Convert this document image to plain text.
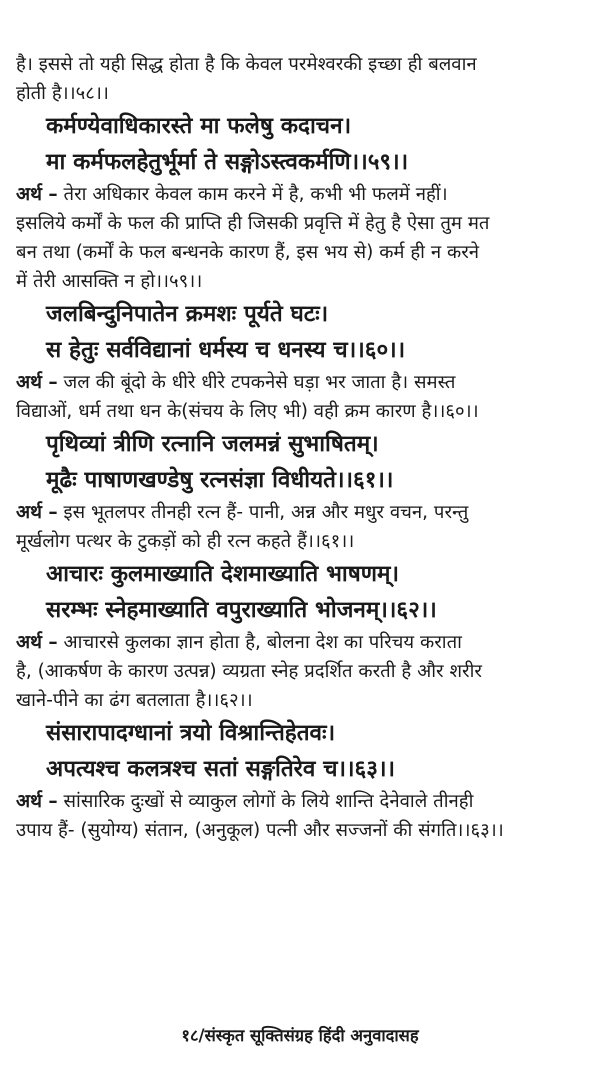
है। इससे तो यही सिद्ध होता है कि केवल परमेश्वरकी इच्छा ही बलवान
होती है।।५८।।
कर्मण्येवाधिकारस्ते मा फलेषु कदाचन।
मा कर्मफलहेतुर्भूर्मा ते सङ्गोऽस्त्वकर्मणि।।५९।।
अर्थ – तेरा अधिकार केवल काम करने में है, कभी भी फलमें नहीं।
इसलिये कर्मों के फल की प्राप्ति ही जिसकी प्रवृत्ति में हेतु है ऐसा तुम मत
बन तथा (कर्मों के फल बन्धनके कारण हैं, इस भय से) कर्म ही न करने
में तेरी आसक्ति न हो।।५९।।
जलबिन्दुनिपातेन क्रमशः पूर्यते घटः।
स हेतुः सर्वविद्यानां धर्मस्य च धनस्य च।।६०।।
अर्थ – जल की बूंदो के धीरे धीरे टपकनेसे घड़ा भर जाता है। समस्त
विद्याओं, धर्म तथा धन के(संचय के लिए भी) वही क्रम कारण है।।६०।।
पृथिव्यां त्रीणि रत्नानि जलमन्नं सुभाषितम्।
मूढैः पाषाणखण्डेषु रत्नसंज्ञा विधीयते।।६१।।
अर्थ – इस भूतलपर तीनही रत्न हैं- पानी, अन्न और मधुर वचन, परन्तु
मूर्खलोग पत्थर के टुकड़ों को ही रत्न कहते हैं।।६१।।
आचारः कुलमाख्याति देशमाख्याति भाषणम्।
सरम्भः स्नेहमाख्याति वपुराख्याति भोजनम्।।६२।।
अर्थ – आचारसे कुलका ज्ञान होता है, बोलना देश का परिचय कराता
है, (आकर्षण के कारण उत्पन्न) व्यग्रता स्नेह प्रदर्शित करती है और शरीर
खाने-पीने का ढंग बतलाता है।।६२।।
संसारापादग्धानां त्रयो विश्रान्तिहेतवः।
अपत्यश्च कलत्रश्च सतां सङ्गतिरेव च।।६३।।
अर्थ – सांसारिक दुःखों से व्याकुल लोगों के लिये शान्ति देनेवाले तीनही
उपाय हैं- (सुयोग्य) संतान, (अनुकूल) पत्नी और सज्जनों की संगति।।६३।।
१८/संस्कृत सूक्तिसंग्रह हिंदी अनुवादासह
